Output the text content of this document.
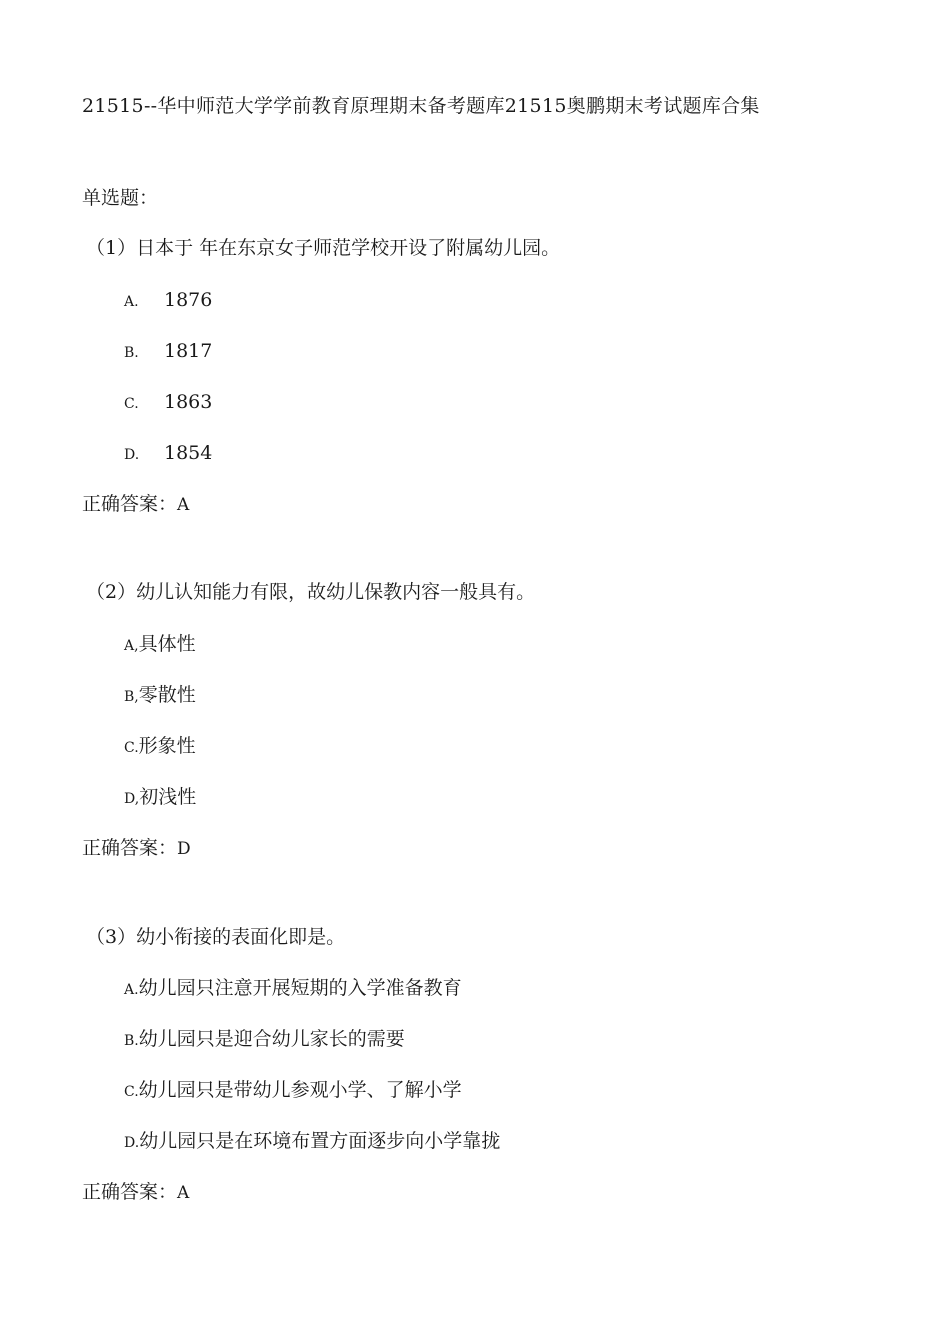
21515--华中师范大学学前教育原理期末备考题库21515奥鹏期末考试题库合集
单选题：
（1）日本于 年在东京女子师范学校开设了附属幼儿园。
A. 1876
B. 1817
C. 1863
D. 1854
正确答案：A
（2）幼儿认知能力有限，故幼儿保教内容一般具有。
A,具体性
B,零散性
C.形象性
D,初浅性
正确答案：D
（3）幼小衔接的表面化即是。
A.幼儿园只注意开展短期的入学准备教育
B.幼儿园只是迎合幼儿家长的需要
C.幼儿园只是带幼儿参观小学、了解小学
D.幼儿园只是在环境布置方面逐步向小学靠拢
正确答案：A
